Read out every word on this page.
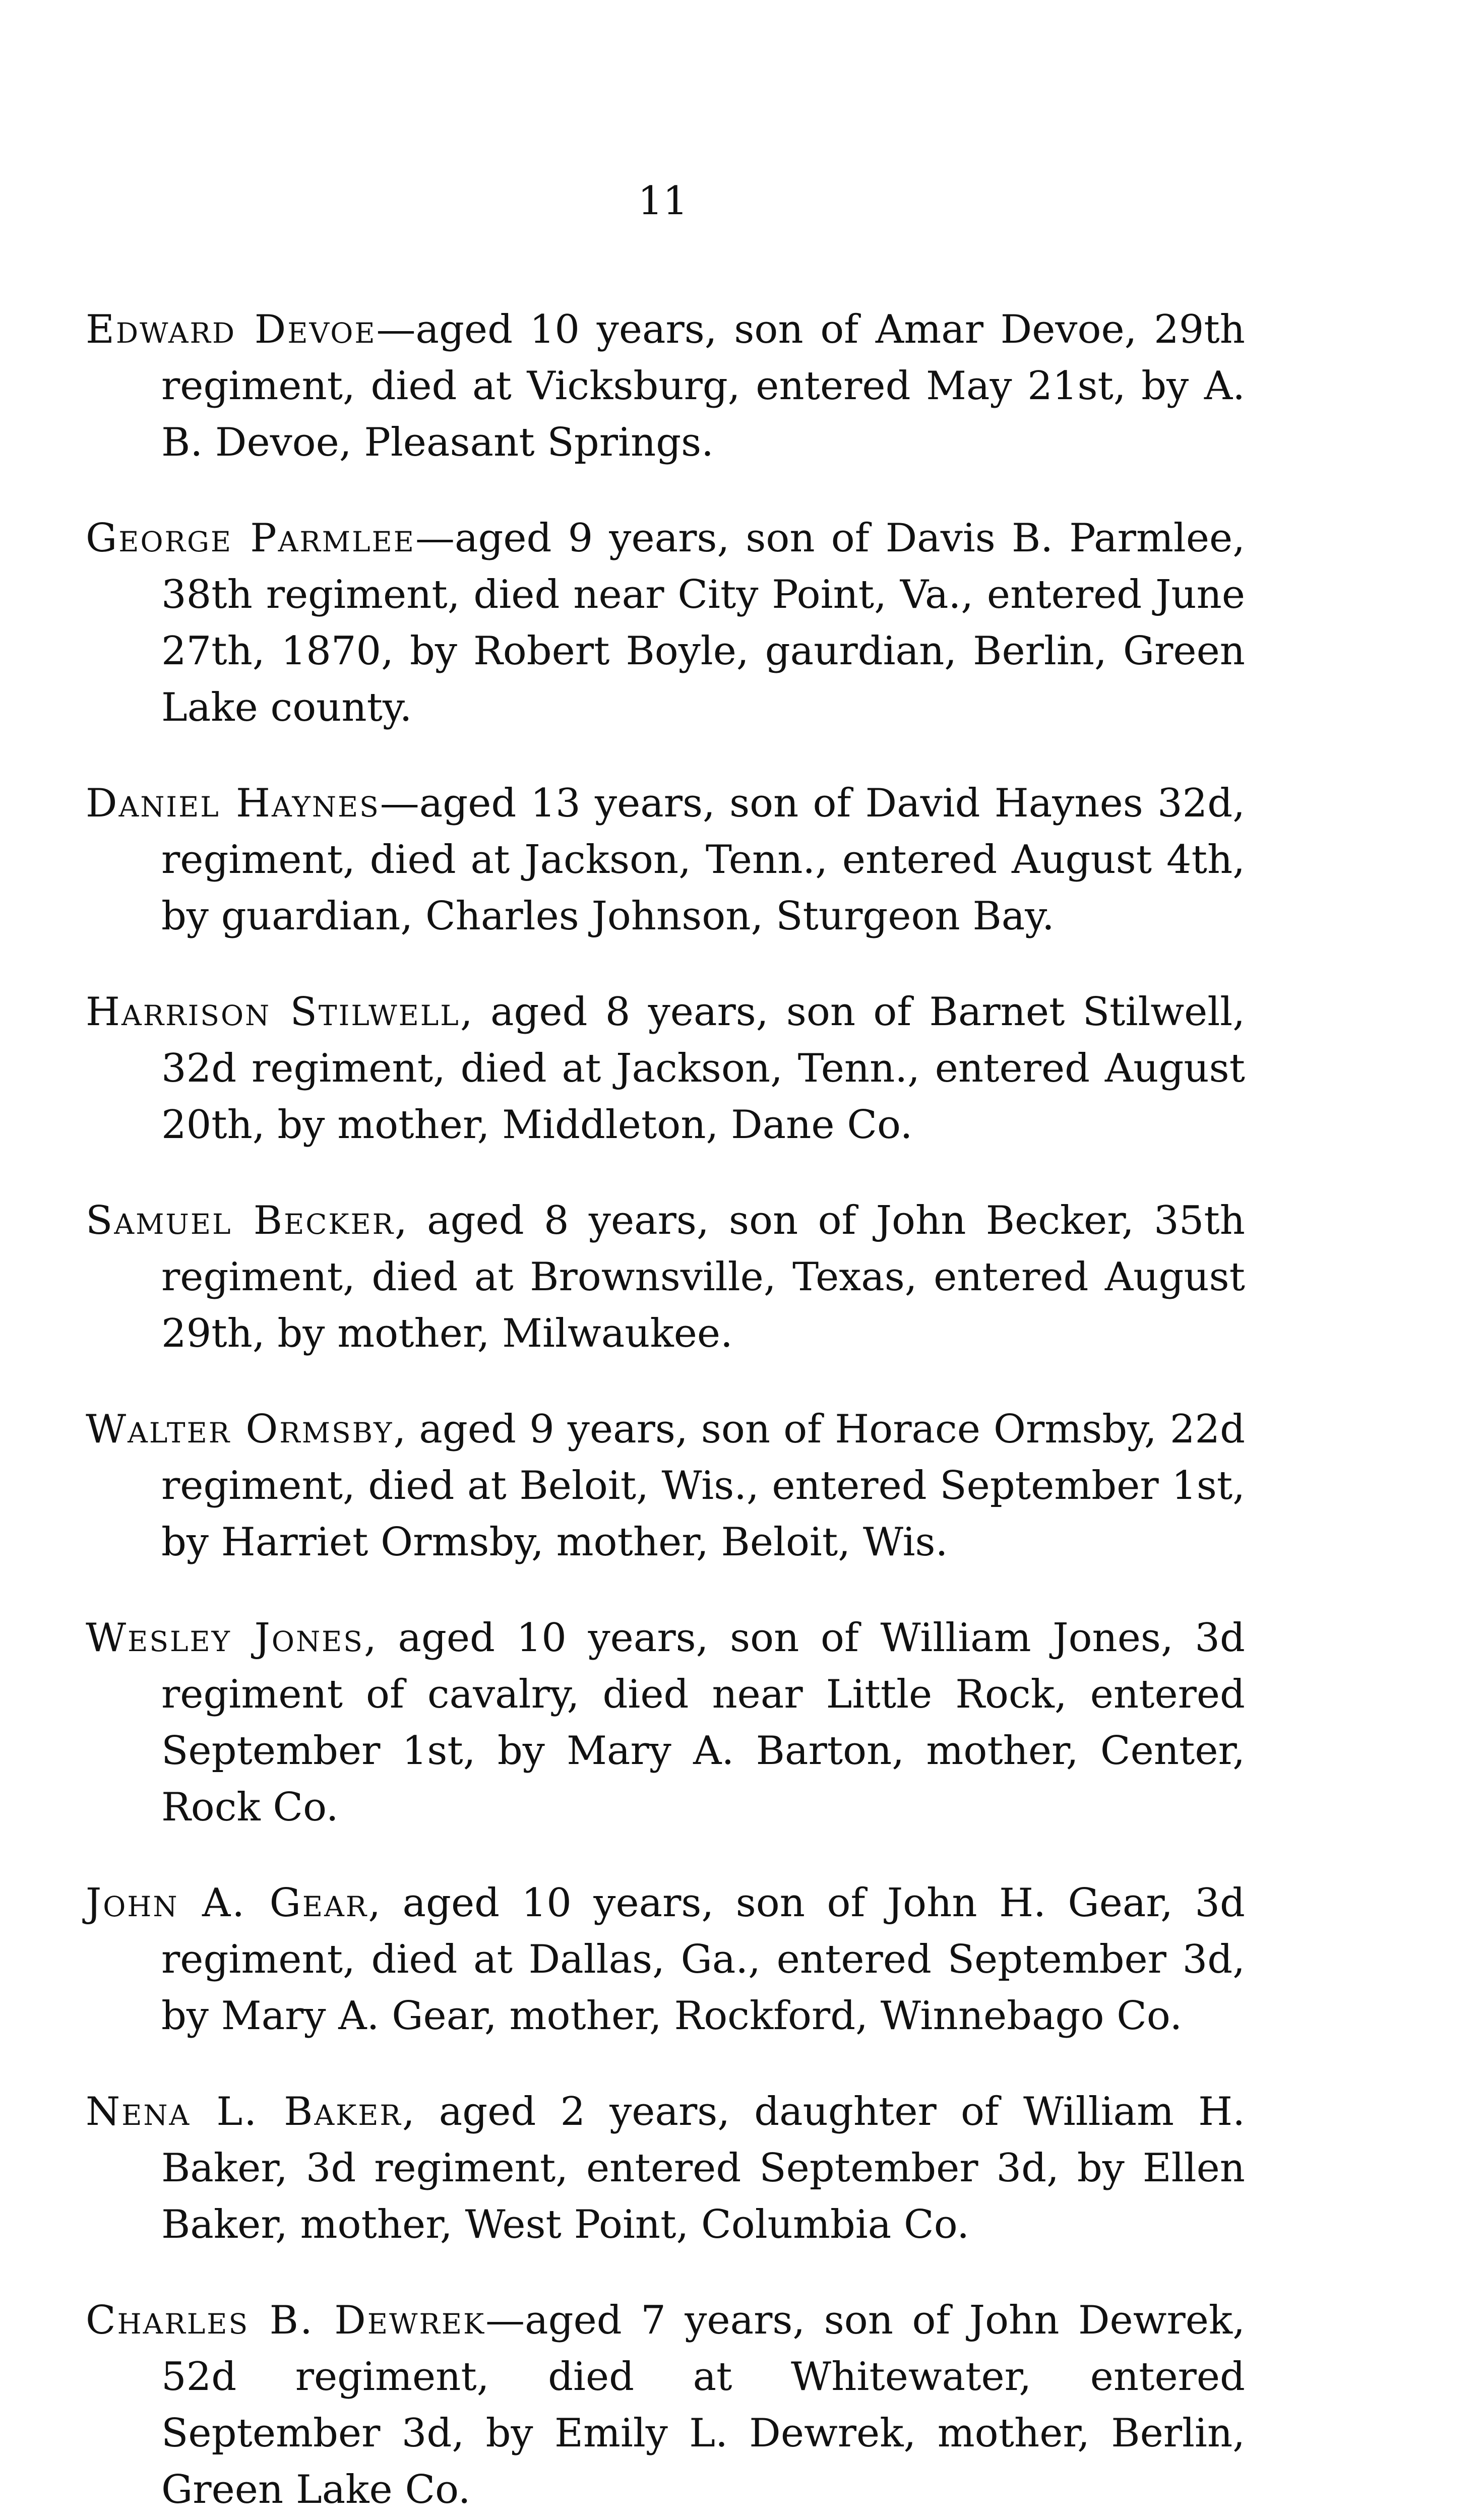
11

Edward Devoe—aged 10 years, son of Amar Devoe, 29th regiment, died at Vicksburg, entered May 21st, by A. B. Devoe, Pleasant Springs.

George Parmlee—aged 9 years, son of Davis B. Parmlee, 38th regiment, died near City Point, Va., entered June 27th, 1870, by Robert Boyle, gaurdian, Berlin, Green Lake county.

Daniel Haynes—aged 13 years, son of David Haynes 32d, regiment, died at Jackson, Tenn., entered August 4th, by guardian, Charles Johnson, Sturgeon Bay.

Harrison Stilwell, aged 8 years, son of Barnet Stilwell, 32d regiment, died at Jackson, Tenn., entered August 20th, by mother, Middleton, Dane Co.

Samuel Becker, aged 8 years, son of John Becker, 35th regiment, died at Brownsville, Texas, entered August 29th, by mother, Milwaukee.

Walter Ormsby, aged 9 years, son of Horace Ormsby, 22d regiment, died at Beloit, Wis., entered September 1st, by Harriet Ormsby, mother, Beloit, Wis.

Wesley Jones, aged 10 years, son of William Jones, 3d regiment of cavalry, died near Little Rock, entered September 1st, by Mary A. Barton, mother, Center, Rock Co.

John A. Gear, aged 10 years, son of John H. Gear, 3d regiment, died at Dallas, Ga., entered September 3d, by Mary A. Gear, mother, Rockford, Winnebago Co.

Nena L. Baker, aged 2 years, daughter of William H. Baker, 3d regiment, entered September 3d, by Ellen Baker, mother, West Point, Columbia Co.

Charles B. Dewrek—aged 7 years, son of John Dewrek, 52d regiment, died at Whitewater, entered September 3d, by Emily L. Dewrek, mother, Berlin, Green Lake Co.
